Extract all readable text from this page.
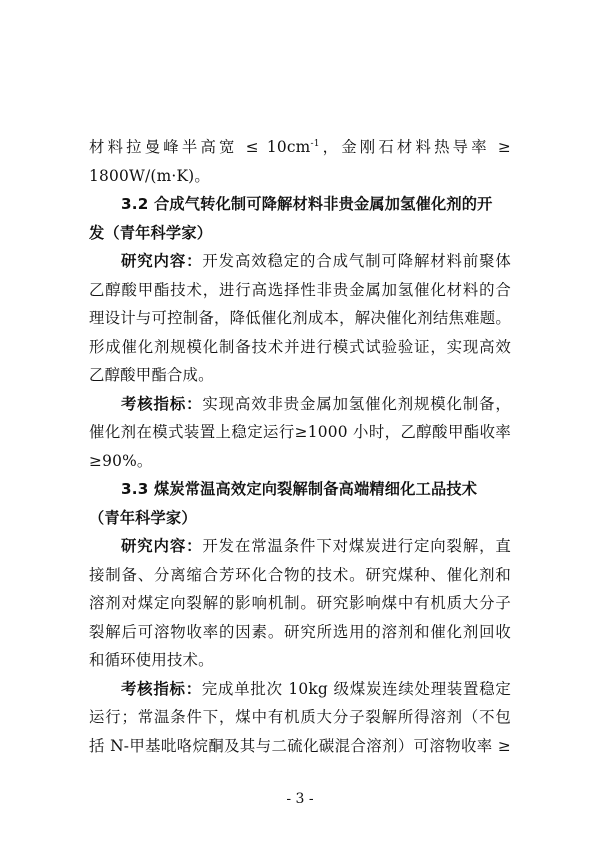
- 3 -
材料拉曼峰半高宽 ≤ $10cm^{-1}$，金刚石材料热导率 ≥
1800W/(m·K)。
3.2 合成气转化制可降解材料非贵金属加氢催化剂的开
发（青年科学家）
研究内容：开发高效稳定的合成气制可降解材料前聚体
乙醇酸甲酯技术，进行高选择性非贵金属加氢催化材料的合
理设计与可控制备，降低催化剂成本，解决催化剂结焦难题。
形成催化剂规模化制备技术并进行模式试验验证，实现高效
乙醇酸甲酯合成。
考核指标：实现高效非贵金属加氢催化剂规模化制备，
催化剂在模式装置上稳定运行≥1000 小时，乙醇酸甲酯收率
≥90%。
3.3 煤炭常温高效定向裂解制备高端精细化工品技术
（青年科学家）
研究内容：开发在常温条件下对煤炭进行定向裂解，直
接制备、分离缩合芳环化合物的技术。研究煤种、催化剂和
溶剂对煤定向裂解的影响机制。研究影响煤中有机质大分子
裂解后可溶物收率的因素。研究所选用的溶剂和催化剂回收
和循环使用技术。
考核指标：完成单批次 10kg 级煤炭连续处理装置稳定
运行；常温条件下，煤中有机质大分子裂解所得溶剂（不包
括 N-甲基吡咯烷酮及其与二硫化碳混合溶剂）可溶物收率 ≥
